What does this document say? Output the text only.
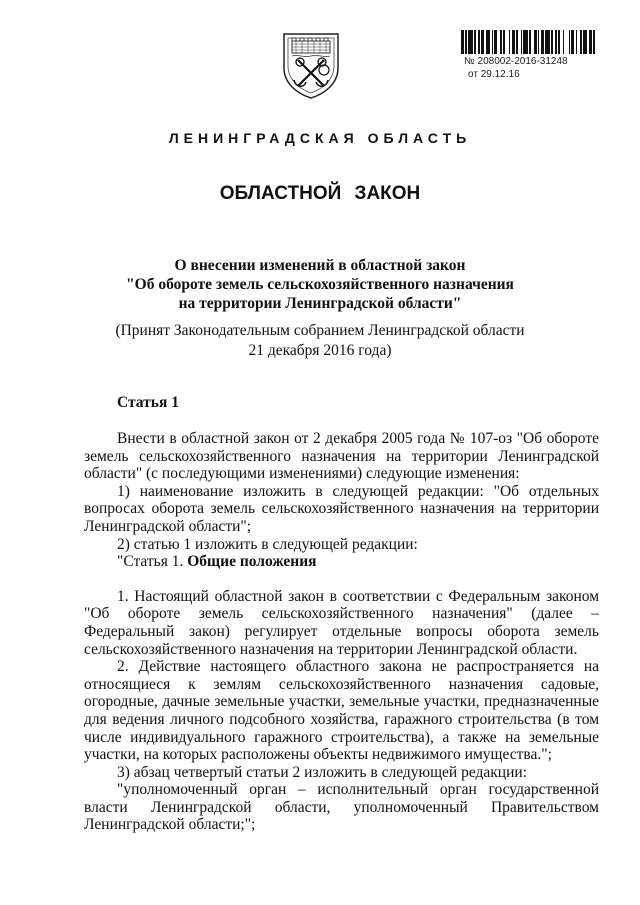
№ 208002-2016-31248
от 29.12.16
ЛЕНИНГРАДСКАЯ ОБЛАСТЬ
ОБЛАСТНОЙ ЗАКОН
О внесении изменений в областной закон
"Об обороте земель сельскохозяйственного назначения
на территории Ленинградской области"
(Принят Законодательным собранием Ленинградской области
21 декабря 2016 года)
Статья 1

Внести в областной закон от 2 декабря 2005 года № 107-оз "Об обороте земель сельскохозяйственного назначения на территории Ленинградской области" (с последующими изменениями) следующие изменения:

1) наименование изложить в следующей редакции: "Об отдельных вопросах оборота земель сельскохозяйственного назначения на территории Ленинградской области";

2) статью 1 изложить в следующей редакции:

"Статья 1. Общие положения

1. Настоящий областной закон в соответствии с Федеральным законом "Об обороте земель сельскохозяйственного назначения" (далее – Федеральный закон) регулирует отдельные вопросы оборота земель сельскохозяйственного назначения на территории Ленинградской области.

2. Действие настоящего областного закона не распространяется на относящиеся к землям сельскохозяйственного назначения садовые, огородные, дачные земельные участки, земельные участки, предназначенные для ведения личного подсобного хозяйства, гаражного строительства (в том числе индивидуального гаражного строительства), а также на земельные участки, на которых расположены объекты недвижимого имущества.";

3) абзац четвертый статьи 2 изложить в следующей редакции:

"уполномоченный орган – исполнительный орган государственной власти Ленинградской области, уполномоченный Правительством Ленинградской области;";
